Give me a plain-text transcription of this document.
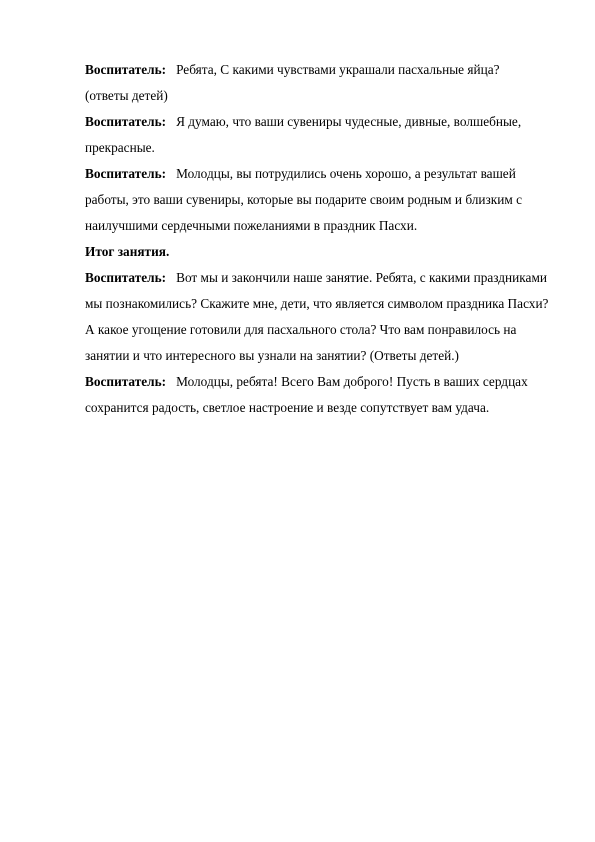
Воспитатель: Ребята, С какими чувствами украшали пасхальные яйца?

(ответы детей)

Воспитатель: Я думаю, что ваши сувениры чудесные, дивные, волшебные, прекрасные.

Воспитатель: Молодцы, вы потрудились очень хорошо, а результат вашей работы, это ваши сувениры, которые вы подарите своим родным и близким с наилучшими сердечными пожеланиями в праздник Пасхи.

Итог занятия.

Воспитатель: Вот мы и закончили наше занятие. Ребята, с какими праздниками мы познакомились? Скажите мне, дети, что является символом праздника Пасхи? А какое угощение готовили для пасхального стола? Что вам понравилось на занятии и что интересного вы узнали на занятии? (Ответы детей.)

Воспитатель: Молодцы, ребята! Всего Вам доброго! Пусть в ваших сердцах сохранится радость, светлое настроение и везде сопутствует вам удача.
